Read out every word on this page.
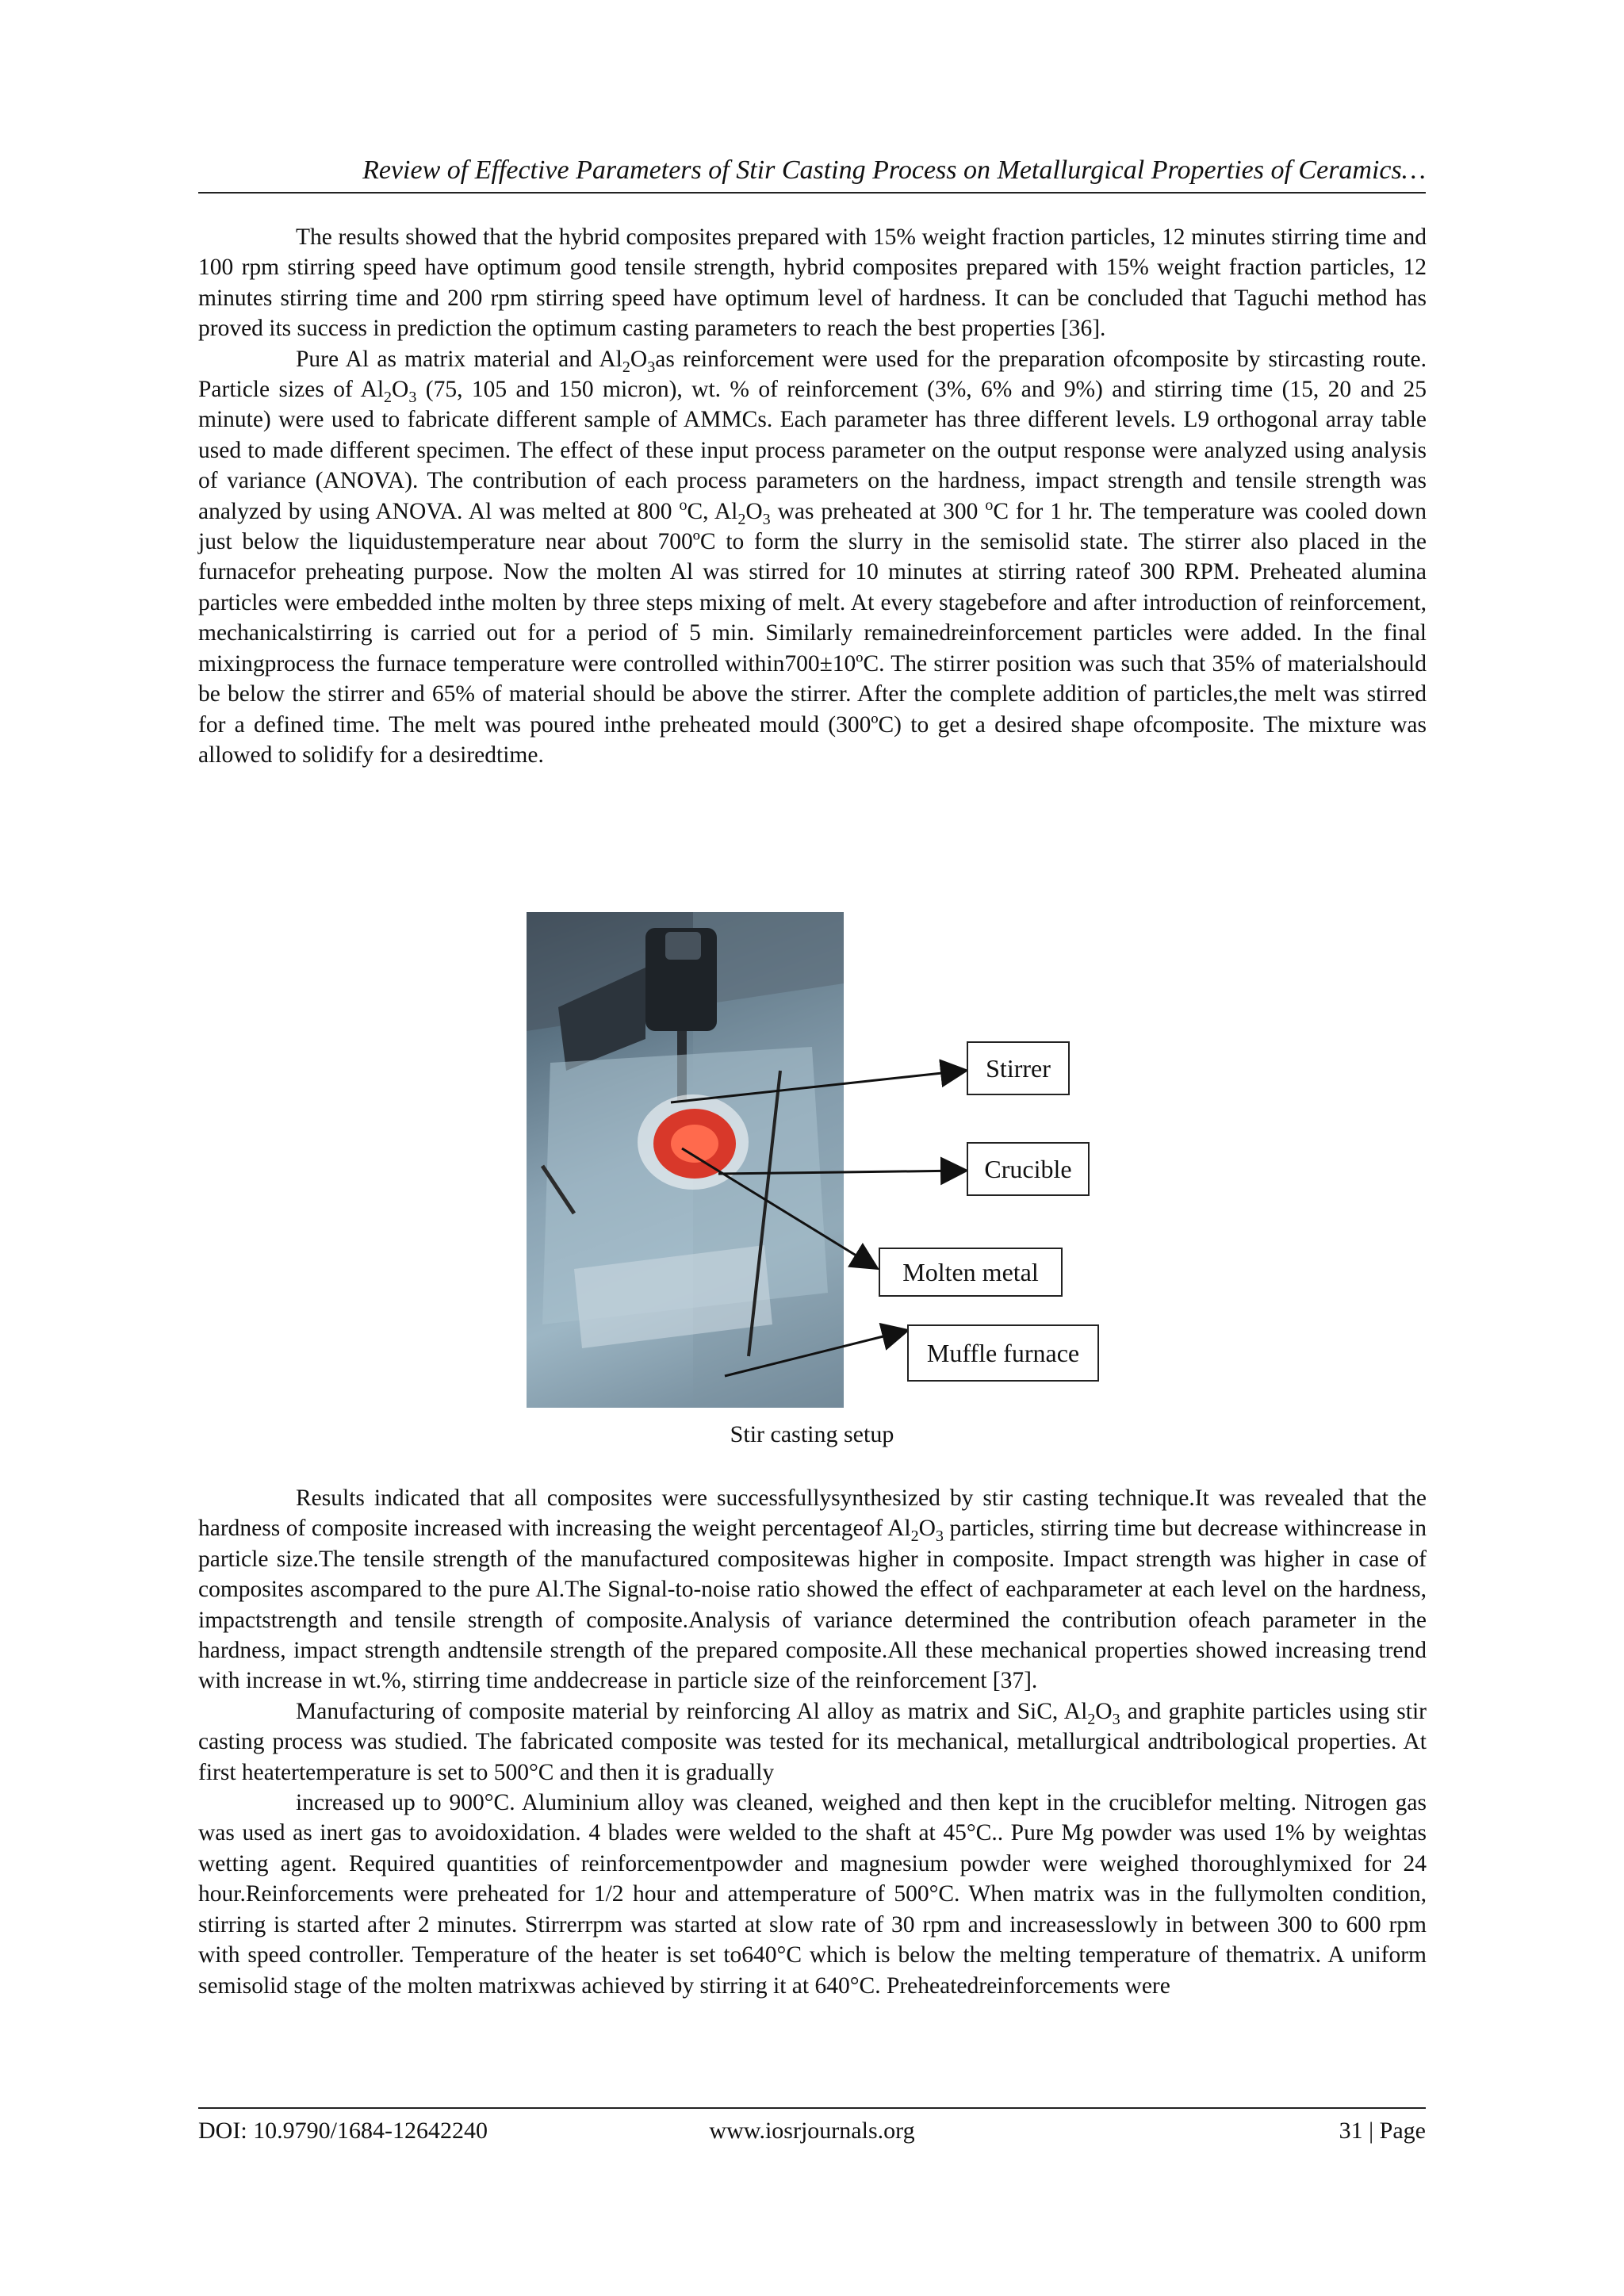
Review of Effective Parameters of Stir Casting Process on Metallurgical Properties of Ceramics…

The results showed that the hybrid composites prepared with 15% weight fraction particles, 12 minutes stirring time and 100 rpm stirring speed have optimum good tensile strength, hybrid composites prepared with 15% weight fraction particles, 12 minutes stirring time and 200 rpm stirring speed have optimum level of hardness. It can be concluded that Taguchi method has proved its success in prediction the optimum casting parameters to reach the best properties [36].

Pure Al as matrix material and $Al_2O_3as$ reinforcement were used for the preparation ofcomposite by stircasting route. Particle sizes of $Al_2O_3$ (75, 105 and 150 micron), wt. % of reinforcement (3%, 6% and 9%) and stirring time (15, 20 and 25 minute) were used to fabricate different sample of AMMCs. Each parameter has three different levels. L9 orthogonal array table used to made different specimen. The effect of these input process parameter on the output response were analyzed using analysis of variance (ANOVA). The contribution of each process parameters on the hardness, impact strength and tensile strength was analyzed by using ANOVA. Al was melted at 800 $^o$C, $Al_2O_3$ was preheated at 300 $^o$C for 1 hr. The temperature was cooled down just below the liquidustemperature near about 700ºC to form the slurry in the semisolid state. The stirrer also placed in the furnacefor preheating purpose. Now the molten Al was stirred for 10 minutes at stirring rateof 300 RPM. Preheated alumina particles were embedded inthe molten by three steps mixing of melt. At every stagebefore and after introduction of reinforcement, mechanicalstirring is carried out for a period of 5 min. Similarly remainedreinforcement particles were added. In the final mixingprocess the furnace temperature were controlled within700±10ºC. The stirrer position was such that 35% of materialshould be below the stirrer and 65% of material should be above the stirrer. After the complete addition of particles,the melt was stirred for a defined time. The melt was poured inthe preheated mould (300ºC) to get a desired shape ofcomposite. The mixture was allowed to solidify for a desiredtime.

Stirrer
Crucible
Molten metal
Muffle furnace
Stir casting setup

Results indicated that all composites were successfullysynthesized by stir casting technique.It was revealed that the hardness of composite increased with increasing the weight percentageof $Al_2O_3$ particles, stirring time but decrease withincrease in particle size.The tensile strength of the manufactured compositewas higher in composite. Impact strength was higher in case of composites ascompared to the pure Al.The Signal-to-noise ratio showed the effect of eachparameter at each level on the hardness, impactstrength and tensile strength of composite.Analysis of variance determined the contribution ofeach parameter in the hardness, impact strength andtensile strength of the prepared composite.All these mechanical properties showed increasing trend with increase in wt.%, stirring time anddecrease in particle size of the reinforcement [37].

Manufacturing of composite material by reinforcing Al alloy as matrix and SiC, $Al_2O_3$ and graphite particles using stir casting process was studied. The fabricated composite was tested for its mechanical, metallurgical andtribological properties. At first heatertemperature is set to 500°C and then it is gradually

increased up to 900°C. Aluminium alloy was cleaned, weighed and then kept in the cruciblefor melting. Nitrogen gas was used as inert gas to avoidoxidation. 4 blades were welded to the shaft at 45°C.. Pure Mg powder was used 1% by weightas wetting agent. Required quantities of reinforcementpowder and magnesium powder were weighed thoroughlymixed for 24 hour.Reinforcements were preheated for 1/2 hour and attemperature of 500°C. When matrix was in the fullymolten condition, stirring is started after 2 minutes. Stirrerrpm was started at slow rate of 30 rpm and increasesslowly in between 300 to 600 rpm with speed controller. Temperature of the heater is set to640°C which is below the melting temperature of thematrix. A uniform semisolid stage of the molten matrixwas achieved by stirring it at 640°C. Preheatedreinforcements were

DOI: 10.9790/1684-12642240	www.iosrjournals.org	31 | Page
